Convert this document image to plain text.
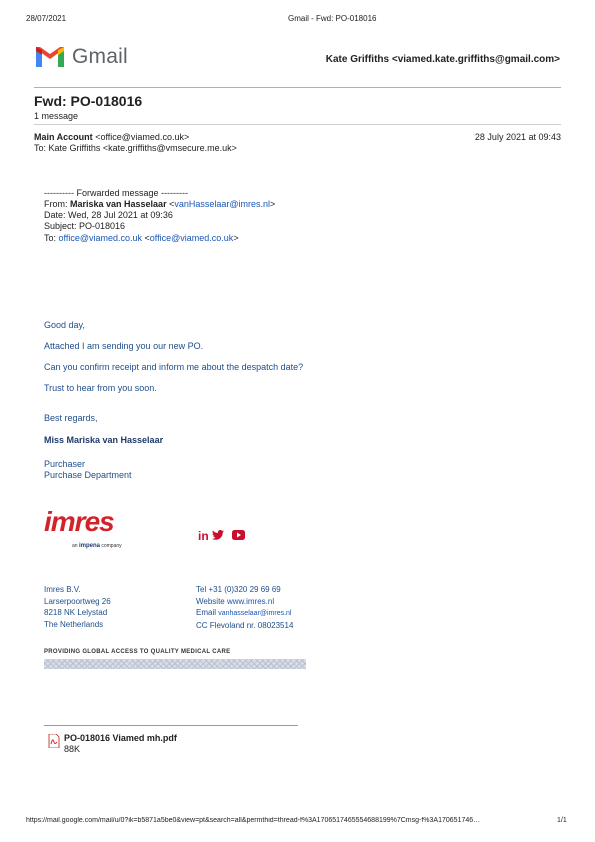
28/07/2021	Gmail - Fwd: PO-018016
Gmail	Kate Griffiths <viamed.kate.griffiths@gmail.com>
Fwd: PO-018016
1 message
Main Account <office@viamed.co.uk>	28 July 2021 at 09:43
To: Kate Griffiths <kate.griffiths@vmsecure.me.uk>
---------- Forwarded message ---------
From: Mariska van Hasselaar <vanHasselaar@imres.nl>
Date: Wed, 28 Jul 2021 at 09:36
Subject: PO-018016
To: office@viamed.co.uk <office@viamed.co.uk>
Good day,
Attached I am sending you our new PO.
Can you confirm receipt and inform me about the despatch date?
Trust to hear from you soon.
Best regards,
Miss Mariska van Hasselaar
Purchaser
Purchase Department
imres
an impena company
in
Imres B.V.
Larserpoortweg 26
8218 NK Lelystad
The Netherlands
Tel +31 (0)320 29 69 69
Website www.imres.nl
Email vanhasselaar@imres.nl
CC Flevoland nr. 08023514
PROVIDING GLOBAL ACCESS TO QUALITY MEDICAL CARE
PO-018016 Viamed mh.pdf
88K
https://mail.google.com/mail/u/0?ik=b5871a5be0&view=pt&search=all&permthid=thread-f%3A1706517465554688199%7Cmsg-f%3A170651746…	1/1
